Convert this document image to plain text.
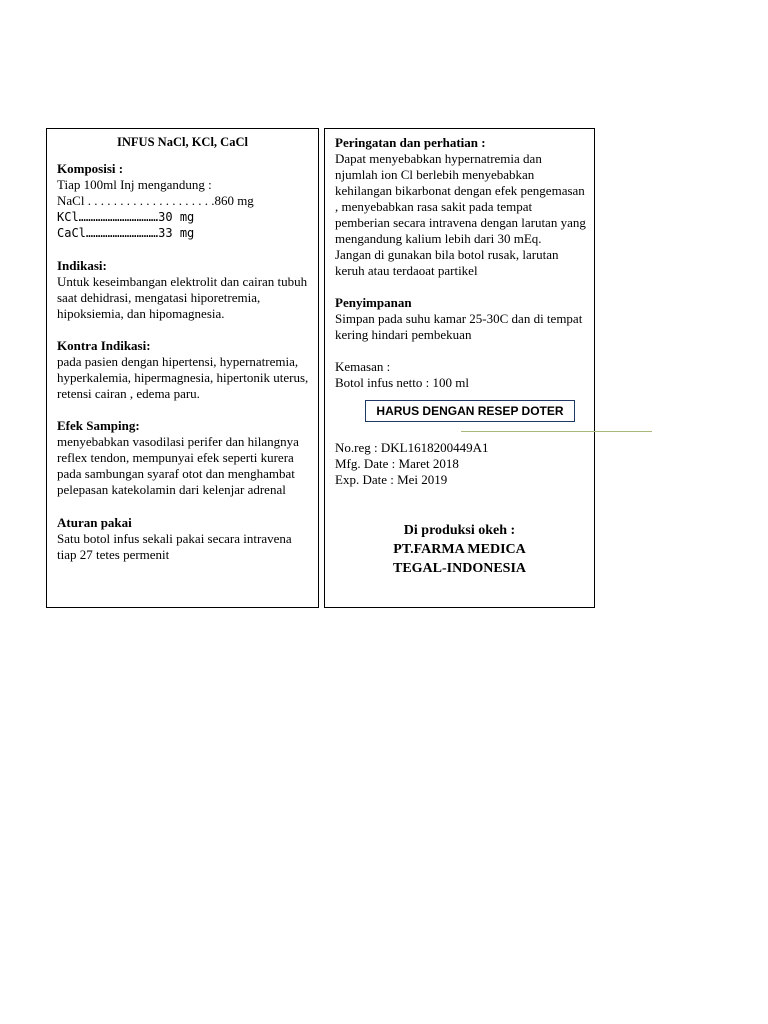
INFUS NaCl, KCl, CaCl
Komposisi :
Tiap 100ml Inj mengandung :
NaCl . . . . . . . . . . . . . . . . . . . .860 mg
KCl……………………………30 mg
CaCl…………………………33 mg
Indikasi:
Untuk keseimbangan elektrolit dan cairan tubuh
saat dehidrasi, mengatasi hiporetremia,
hipoksiemia, dan hipomagnesia.
Kontra Indikasi:
pada pasien dengan hipertensi, hypernatremia,
hyperkalemia, hipermagnesia, hipertonik uterus,
retensi cairan , edema paru.
Efek Samping:
menyebabkan vasodilasi perifer dan hilangnya
reflex tendon, mempunyai efek seperti kurera
pada sambungan syaraf otot dan menghambat
pelepasan katekolamin dari kelenjar adrenal
Aturan pakai
Satu botol infus sekali pakai secara intravena
tiap 27 tetes permenit
Peringatan dan perhatian :
Dapat menyebabkan hypernatremia dan
njumlah ion Cl berlebih menyebabkan
kehilangan bikarbonat dengan efek pengemasan
, menyebabkan rasa sakit pada tempat
pemberian secara intravena dengan larutan yang
mengandung kalium lebih dari 30 mEq.
Jangan di gunakan bila botol rusak, larutan
keruh atau terdaoat partikel
Penyimpanan
Simpan pada suhu kamar 25-30C dan di tempat
kering hindari pembekuan
Kemasan :
Botol infus netto : 100 ml
HARUS DENGAN RESEP DOTER
No.reg : DKL1618200449A1
Mfg. Date : Maret 2018
Exp. Date : Mei 2019
Di produksi okeh :
PT.FARMA MEDICA
TEGAL-INDONESIA
